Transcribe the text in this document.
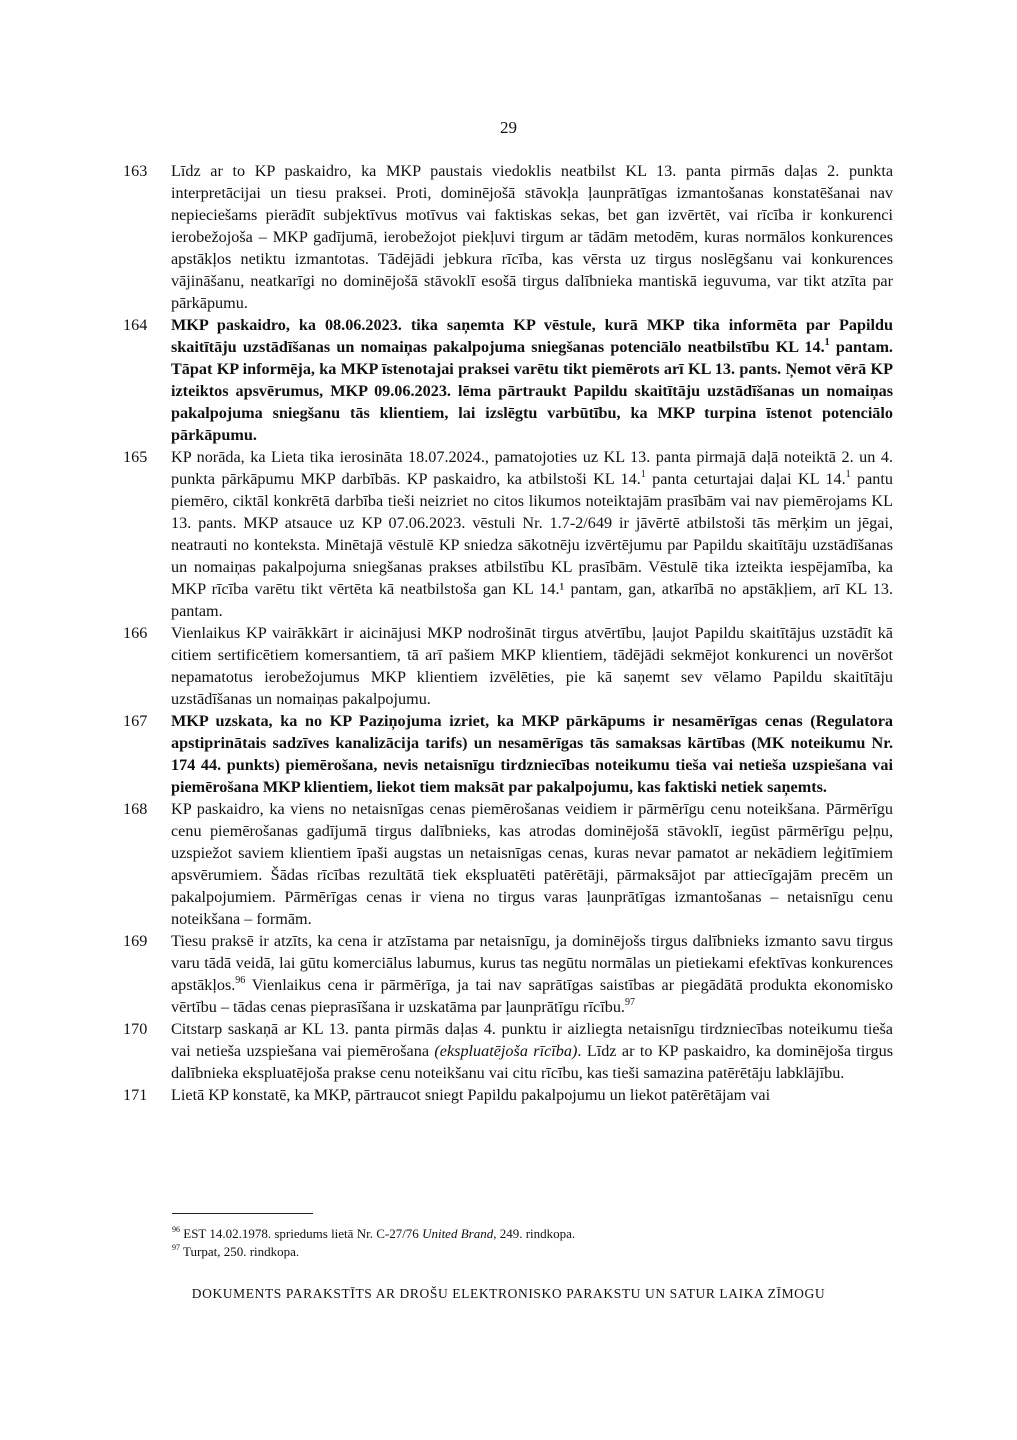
29
163	Līdz ar to KP paskaidro, ka MKP paustais viedoklis neatbilst KL 13. panta pirmās daļas 2. punkta interpretācijai un tiesu praksei. Proti, dominējošā stāvokļa ļaunprātīgas izmantošanas konstatēšanai nav nepieciešams pierādīt subjektīvus motīvus vai faktiskas sekas, bet gan izvērtēt, vai rīcība ir konkurenci ierobežojoša – MKP gadījumā, ierobežojot piekļuvi tirgum ar tādām metodēm, kuras normālos konkurences apstākļos netiktu izmantotas. Tādējādi jebkura rīcība, kas vērsta uz tirgus noslēgšanu vai konkurences vājināšanu, neatkarīgi no dominējošā stāvoklī esošā tirgus dalībnieka mantiskā ieguvuma, var tikt atzīta par pārkāpumu.
164	MKP paskaidro, ka 08.06.2023. tika saņemta KP vēstule, kurā MKP tika informēta par Papildu skaitītāju uzstādīšanas un nomaiņas pakalpojuma sniegšanas potenciālo neatbilstību KL 14.$^1$ pantam. Tāpat KP informēja, ka MKP īstenotajai praksei varētu tikt piemērots arī KL 13. pants. Ņemot vērā KP izteiktos apsvērumus, MKP 09.06.2023. lēma pārtraukt Papildu skaitītāju uzstādīšanas un nomaiņas pakalpojuma sniegšanu tās klientiem, lai izslēgtu varbūtību, ka MKP turpina īstenot potenciālo pārkāpumu.
165	KP norāda, ka Lieta tika ierosināta 18.07.2024., pamatojoties uz KL 13. panta pirmajā daļā noteiktā 2. un 4. punkta pārkāpumu MKP darbībās. KP paskaidro, ka atbilstoši KL 14.$^1$ panta ceturtajai daļai KL 14.$^1$ pantu piemēro, ciktāl konkrētā darbība tieši neizriet no citos likumos noteiktajām prasībām vai nav piemērojams KL 13. pants. MKP atsauce uz KP 07.06.2023. vēstuli Nr. 1.7-2/649 ir jāvērtē atbilstoši tās mērķim un jēgai, neatrauti no konteksta. Minētajā vēstulē KP sniedza sākotnēju izvērtējumu par Papildu skaitītāju uzstādīšanas un nomaiņas pakalpojuma sniegšanas prakses atbilstību KL prasībām. Vēstulē tika izteikta iespējamība, ka MKP rīcība varētu tikt vērtēta kā neatbilstoša gan KL 14.¹ pantam, gan, atkarībā no apstākļiem, arī KL 13. pantam.
166	Vienlaikus KP vairākkārt ir aicinājusi MKP nodrošināt tirgus atvērtību, ļaujot Papildu skaitītājus uzstādīt kā citiem sertificētiem komersantiem, tā arī pašiem MKP klientiem, tādējādi sekmējot konkurenci un novēršot nepamatotus ierobežojumus MKP klientiem izvēlēties, pie kā saņemt sev vēlamo Papildu skaitītāju uzstādīšanas un nomaiņas pakalpojumu.
167	MKP uzskata, ka no KP Paziņojuma izriet, ka MKP pārkāpums ir nesamērīgas cenas (Regulatora apstiprinātais sadzīves kanalizācija tarifs) un nesamērīgas tās samaksas kārtības (MK noteikumu Nr. 174 44. punkts) piemērošana, nevis netaisnīgu tirdzniecības noteikumu tieša vai netieša uzspiešana vai piemērošana MKP klientiem, liekot tiem maksāt par pakalpojumu, kas faktiski netiek saņemts.
168	KP paskaidro, ka viens no netaisnīgas cenas piemērošanas veidiem ir pārmērīgu cenu noteikšana. Pārmērīgu cenu piemērošanas gadījumā tirgus dalībnieks, kas atrodas dominējošā stāvoklī, iegūst pārmērīgu peļņu, uzspiežot saviem klientiem īpaši augstas un netaisnīgas cenas, kuras nevar pamatot ar nekādiem leģitīmiem apsvērumiem. Šādas rīcības rezultātā tiek ekspluatēti patērētāji, pārmaksājot par attiecīgajām precēm un pakalpojumiem. Pārmērīgas cenas ir viena no tirgus varas ļaunprātīgas izmantošanas – netaisnīgu cenu noteikšana – formām.
169	Tiesu praksē ir atzīts, ka cena ir atzīstama par netaisnīgu, ja dominējošs tirgus dalībnieks izmanto savu tirgus varu tādā veidā, lai gūtu komerciālus labumus, kurus tas negūtu normālas un pietiekami efektīvas konkurences apstākļos.$^{96}$ Vienlaikus cena ir pārmērīga, ja tai nav saprātīgas saistības ar piegādātā produkta ekonomisko vērtību – tādas cenas pieprasīšana ir uzskatāma par ļaunprātīgu rīcību.$^{97}$
170	Citstarp saskaņā ar KL 13. panta pirmās daļas 4. punktu ir aizliegta netaisnīgu tirdzniecības noteikumu tieša vai netieša uzspiešana vai piemērošana (ekspluatējoša rīcība). Līdz ar to KP paskaidro, ka dominējoša tirgus dalībnieka ekspluatējoša prakse cenu noteikšanu vai citu rīcību, kas tieši samazina patērētāju labklājību.
171	Lietā KP konstatē, ka MKP, pārtraucot sniegt Papildu pakalpojumu un liekot patērētājam vai
$^{96}$ EST 14.02.1978. spriedums lietā Nr. C-27/76 United Brand, 249. rindkopa.
$^{97}$ Turpat, 250. rindkopa.
DOKUMENTS PARAKSTĪTS AR DROŠU ELEKTRONISKO PARAKSTU UN SATUR LAIKA ZĪMOGU
